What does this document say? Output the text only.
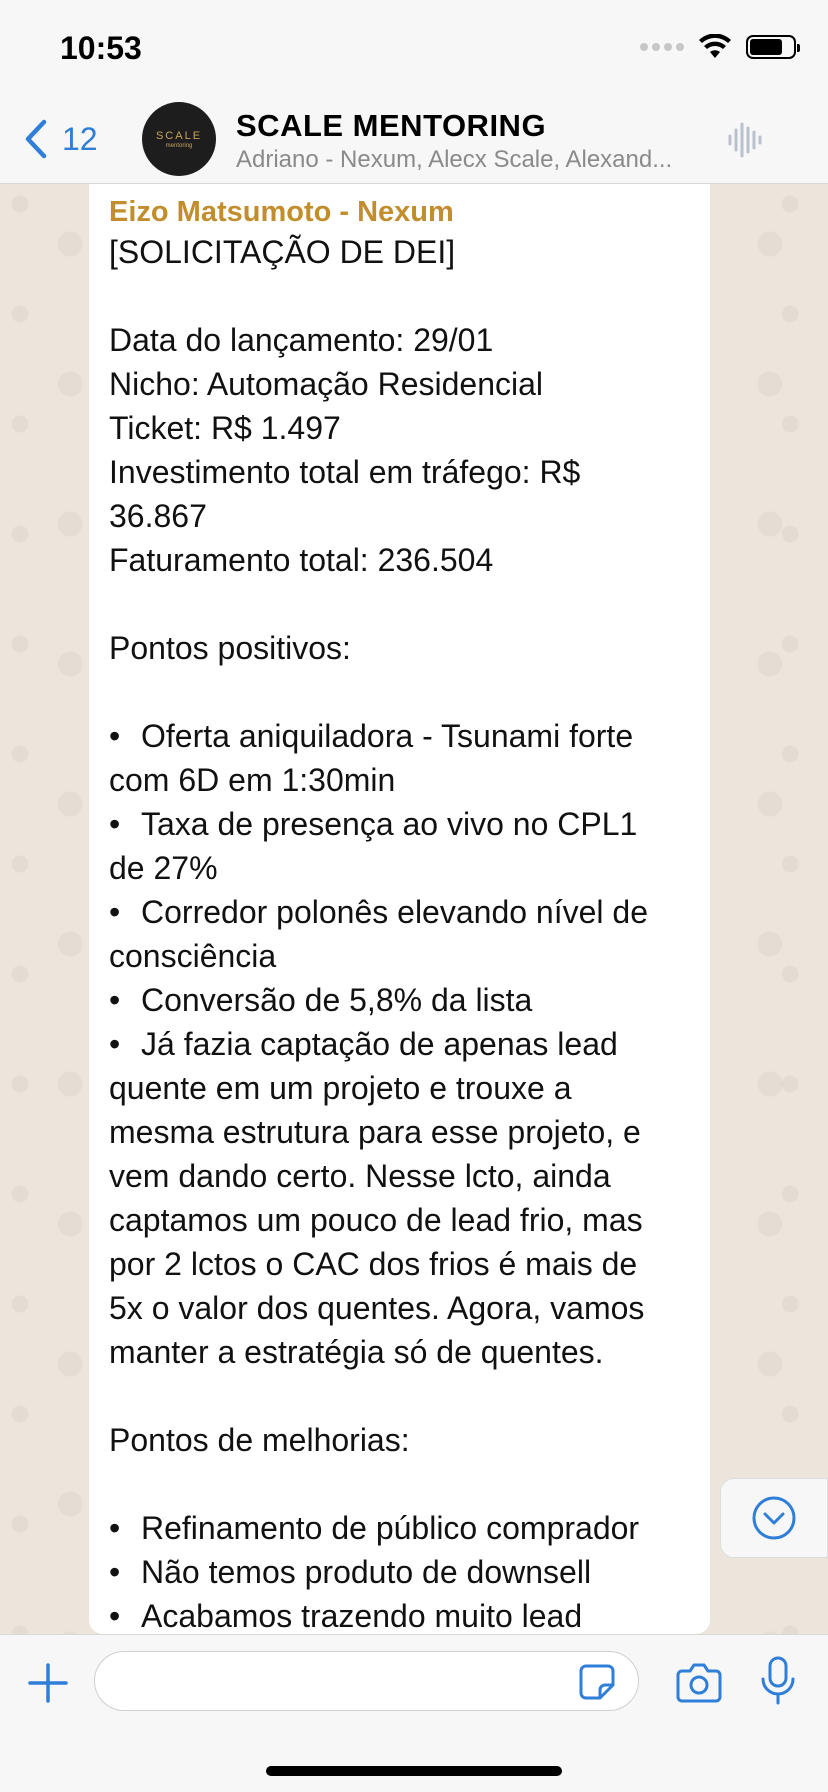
10:53
12	SCALE
mentoring
SCALE MENTORING
Adriano - Nexum, Alecx Scale, Alexand...
Eizo Matsumoto - Nexum
[SOLICITAÇÃO DE DEI]
Data do lançamento: 29/01
Nicho: Automação Residencial
Ticket: R$ 1.497
Investimento total em tráfego: R$
36.867
Faturamento total: 236.504
Pontos positivos:
• Oferta aniquiladora - Tsunami forte
com 6D em 1:30min
• Taxa de presença ao vivo no CPL1
de 27%
• Corredor polonês elevando nível de
consciência
• Conversão de 5,8% da lista
• Já fazia captação de apenas lead
quente em um projeto e trouxe a
mesma estrutura para esse projeto, e
vem dando certo. Nesse lcto, ainda
captamos um pouco de lead frio, mas
por 2 lctos o CAC dos frios é mais de
5x o valor dos quentes. Agora, vamos
manter a estratégia só de quentes.
Pontos de melhorias:
• Refinamento de público comprador
• Não temos produto de downsell
• Acabamos trazendo muito lead
